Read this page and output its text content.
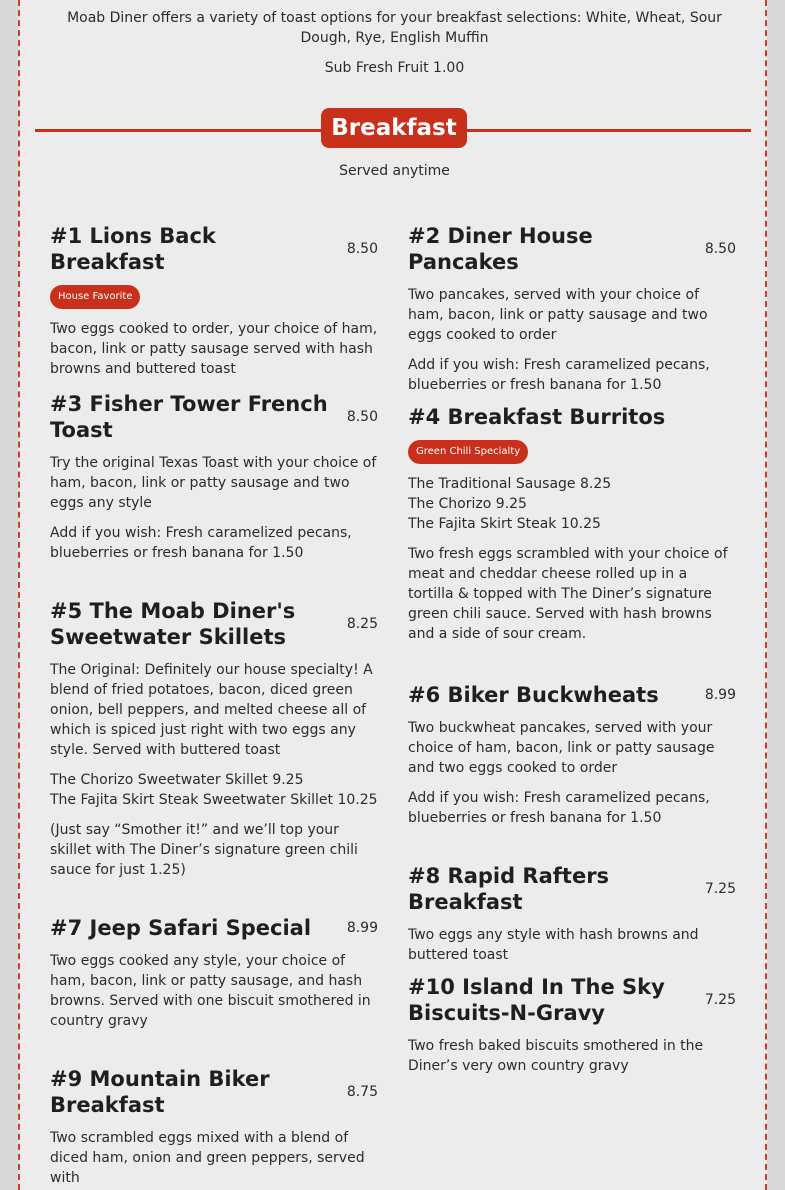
Moab Diner offers a variety of toast options for your breakfast selections: White, Wheat, Sour Dough, Rye, English Muffin

Sub Fresh Fruit 1.00

Breakfast
Served anytime
#1 Lions Back Breakfast
8.50
House Favorite

Two eggs cooked to order, your choice of ham, bacon, link or patty sausage served with hash browns and buttered toast

#2 Diner House Pancakes
8.50

Two pancakes, served with your choice of ham, bacon, link or patty sausage and two eggs cooked to order

Add if you wish: Fresh caramelized pecans, blueberries or fresh banana for 1.50

#3 Fisher Tower French Toast
8.50

Try the original Texas Toast with your choice of ham, bacon, link or patty sausage and two eggs any style

Add if you wish: Fresh caramelized pecans, blueberries or fresh banana for 1.50

#4 Breakfast Burritos
Green Chili Specialty

The Traditional Sausage 8.25

The Chorizo 9.25

The Fajita Skirt Steak 10.25

Two fresh eggs scrambled with your choice of meat and cheddar cheese rolled up in a tortilla & topped with The Diner’s signature green chili sauce. Served with hash browns and a side of sour cream.

#5 The Moab Diner's Sweetwater Skillets
8.25

The Original: Definitely our house specialty! A blend of fried potatoes, bacon, diced green onion, bell peppers, and melted cheese all of which is spiced just right with two eggs any style. Served with buttered toast

The Chorizo Sweetwater Skillet 9.25

The Fajita Skirt Steak Sweetwater Skillet 10.25

(Just say “Smother it!” and we’ll top your skillet with The Diner’s signature green chili sauce for just 1.25)

#6 Biker Buckwheats	8.99

Two buckwheat pancakes, served with your choice of ham, bacon, link or patty sausage and two eggs cooked to order

Add if you wish: Fresh caramelized pecans, blueberries or fresh banana for 1.50

#7 Jeep Safari Special	8.99

Two eggs cooked any style, your choice of ham, bacon, link or patty sausage, and hash browns. Served with one biscuit smothered in country gravy

#8 Rapid Rafters Breakfast
7.25

Two eggs any style with hash browns and buttered toast

#9 Mountain Biker Breakfast
8.75

Two scrambled eggs mixed with a blend of diced ham, onion and green peppers, served with

#10 Island In The Sky Biscuits-N-Gravy
7.25

Two fresh baked biscuits smothered in the Diner’s very own country gravy
